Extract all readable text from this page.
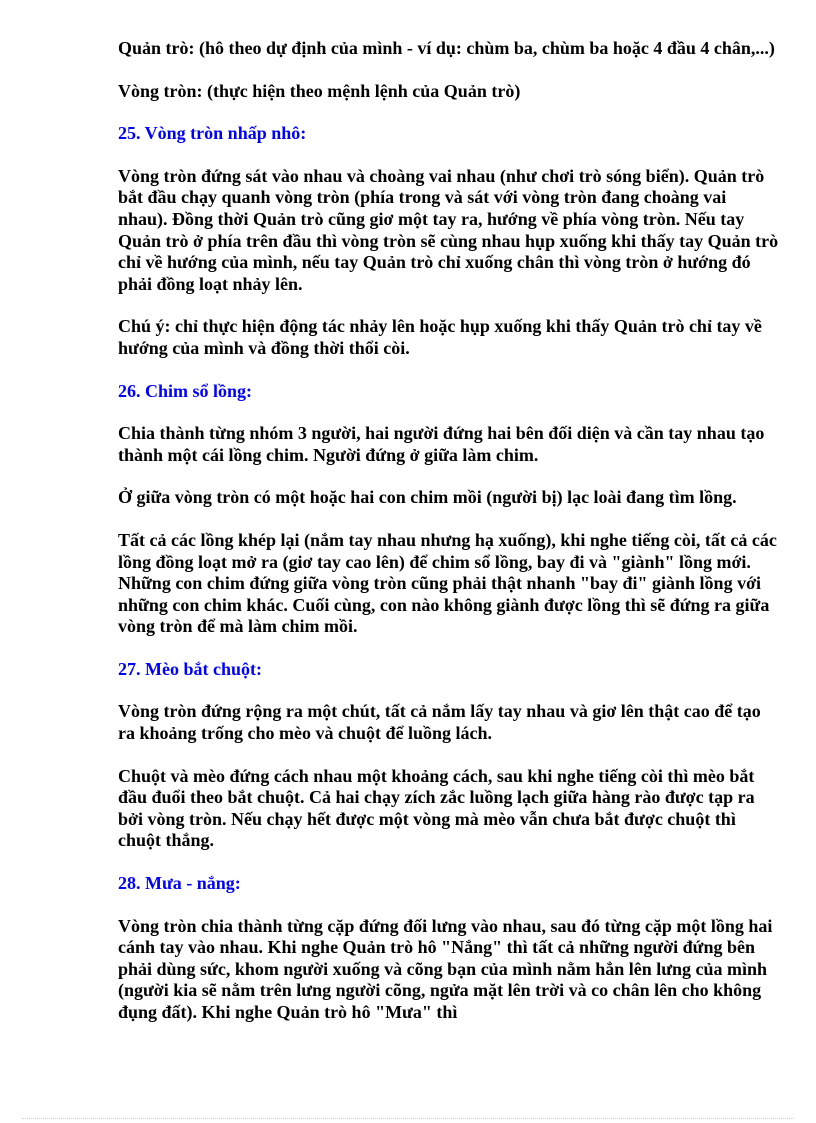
Quản trò: (hô theo dự định của mình - ví dụ: chùm ba, chùm ba hoặc 4 đầu 4 chân,...)

Vòng tròn: (thực hiện theo mệnh lệnh của Quản trò)

25. Vòng tròn nhấp nhô:

Vòng tròn đứng sát vào nhau và choàng vai nhau (như chơi trò sóng biển). Quản trò bắt đầu chạy quanh vòng tròn (phía trong và sát với vòng tròn đang choàng vai nhau). Đồng thời Quản trò cũng giơ một tay ra, hướng về phía vòng tròn. Nếu tay Quản trò ở phía trên đầu thì vòng tròn sẽ cùng nhau hụp xuống khi thấy tay Quản trò chỉ về hướng của mình, nếu tay Quản trò chỉ xuống chân thì vòng tròn ở hướng đó phải đồng loạt nhảy lên.

Chú ý: chỉ thực hiện động tác nhảy lên hoặc hụp xuống khi thấy Quản trò chỉ tay về hướng của mình và đồng thời thổi còi.

26. Chim sổ lồng:

Chia thành từng nhóm 3 người, hai người đứng hai bên đối diện và cần tay nhau tạo thành một cái lồng chim. Người đứng ở giữa làm chim.

Ở giữa vòng tròn có một hoặc hai con chim mồi (người bị) lạc loài đang tìm lồng.

Tất cả các lồng khép lại (nắm tay nhau nhưng hạ xuống), khi nghe tiếng còi, tất cả các lồng đồng loạt mở ra (giơ tay cao lên) để chim sổ lồng, bay đi và "giành" lồng mới. Những con chim đứng giữa vòng tròn cũng phải thật nhanh "bay đi" giành lồng với những con chim khác. Cuối cùng, con nào không giành được lồng thì sẽ đứng ra giữa vòng tròn để mà làm chim mồi.

27. Mèo bắt chuột:

Vòng tròn đứng rộng ra một chút, tất cả nắm lấy tay nhau và giơ lên thật cao để tạo ra khoảng trống cho mèo và chuột để luồng lách.

Chuột và mèo đứng cách nhau một khoảng cách, sau khi nghe tiếng còi thì mèo bắt đầu đuổi theo bắt chuột. Cả hai chạy zích zắc luồng lạch giữa hàng rào được tạp ra bởi vòng tròn. Nếu chạy hết được một vòng mà mèo vẫn chưa bắt được chuột thì chuột thắng.

28. Mưa - nắng:

Vòng tròn chia thành từng cặp đứng đối lưng vào nhau, sau đó từng cặp một lồng hai cánh tay vào nhau. Khi nghe Quản trò hô "Nắng" thì tất cả những người đứng bên phải dùng sức, khom người xuống và cõng bạn của mình nằm hẳn lên lưng của mình (người kia sẽ nằm trên lưng người cõng, ngửa mặt lên trời và co chân lên cho không đụng đất). Khi nghe Quản trò hô "Mưa" thì
